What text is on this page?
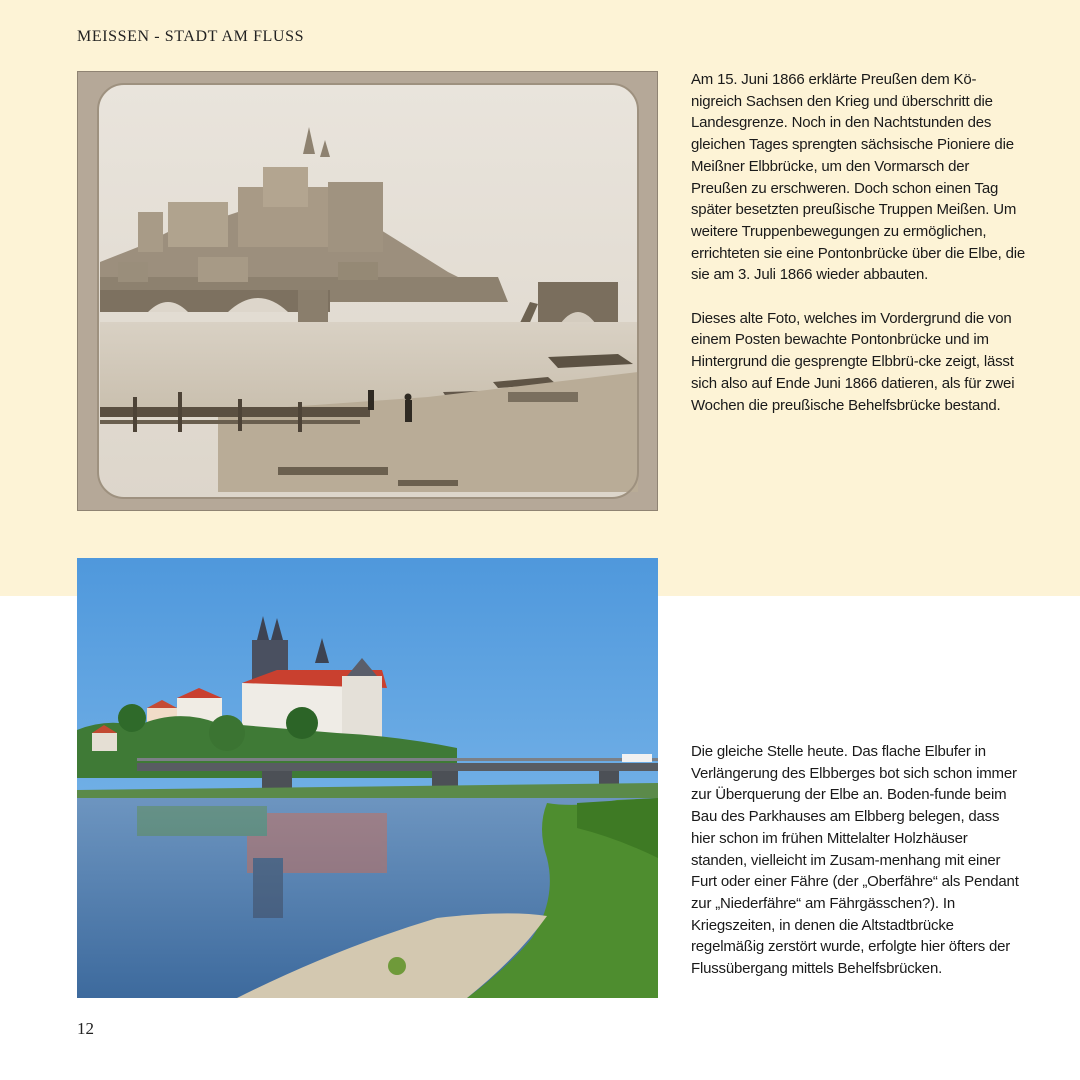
MEISSEN - STADT AM FLUSS

Am 15. Juni 1866 erklärte Preußen dem Kö-nigreich Sachsen den Krieg und überschritt die Landesgrenze. Noch in den Nachtstunden des gleichen Tages sprengten sächsische Pioniere die Meißner Elbbrücke, um den Vormarsch der Preußen zu erschweren. Doch schon einen Tag später besetzten preußische Truppen Meißen. Um weitere Truppenbewegungen zu ermöglichen, errichteten sie eine Pontonbrücke über die Elbe, die sie am 3. Juli 1866 wieder abbauten.

Dieses alte Foto, welches im Vordergrund die von einem Posten bewachte Pontonbrücke und im Hintergrund die gesprengte Elbbrü-cke zeigt, lässt sich also auf Ende Juni 1866 datieren, als für zwei Wochen die preußische Behelfsbrücke bestand.

Die gleiche Stelle heute. Das flache Elbufer in Verlängerung des Elbberges bot sich schon immer zur Überquerung der Elbe an. Boden-funde beim Bau des Parkhauses am Elbberg belegen, dass hier schon im frühen Mittelalter Holzhäuser standen, vielleicht im Zusam-menhang mit einer Furt oder einer Fähre (der „Oberfähre“ als Pendant zur „Niederfähre“ am Fährgässchen?). In Kriegszeiten, in denen die Altstadtbrücke regelmäßig zerstört wurde, erfolgte hier öfters der Flussübergang mittels Behelfsbrücken.

12
